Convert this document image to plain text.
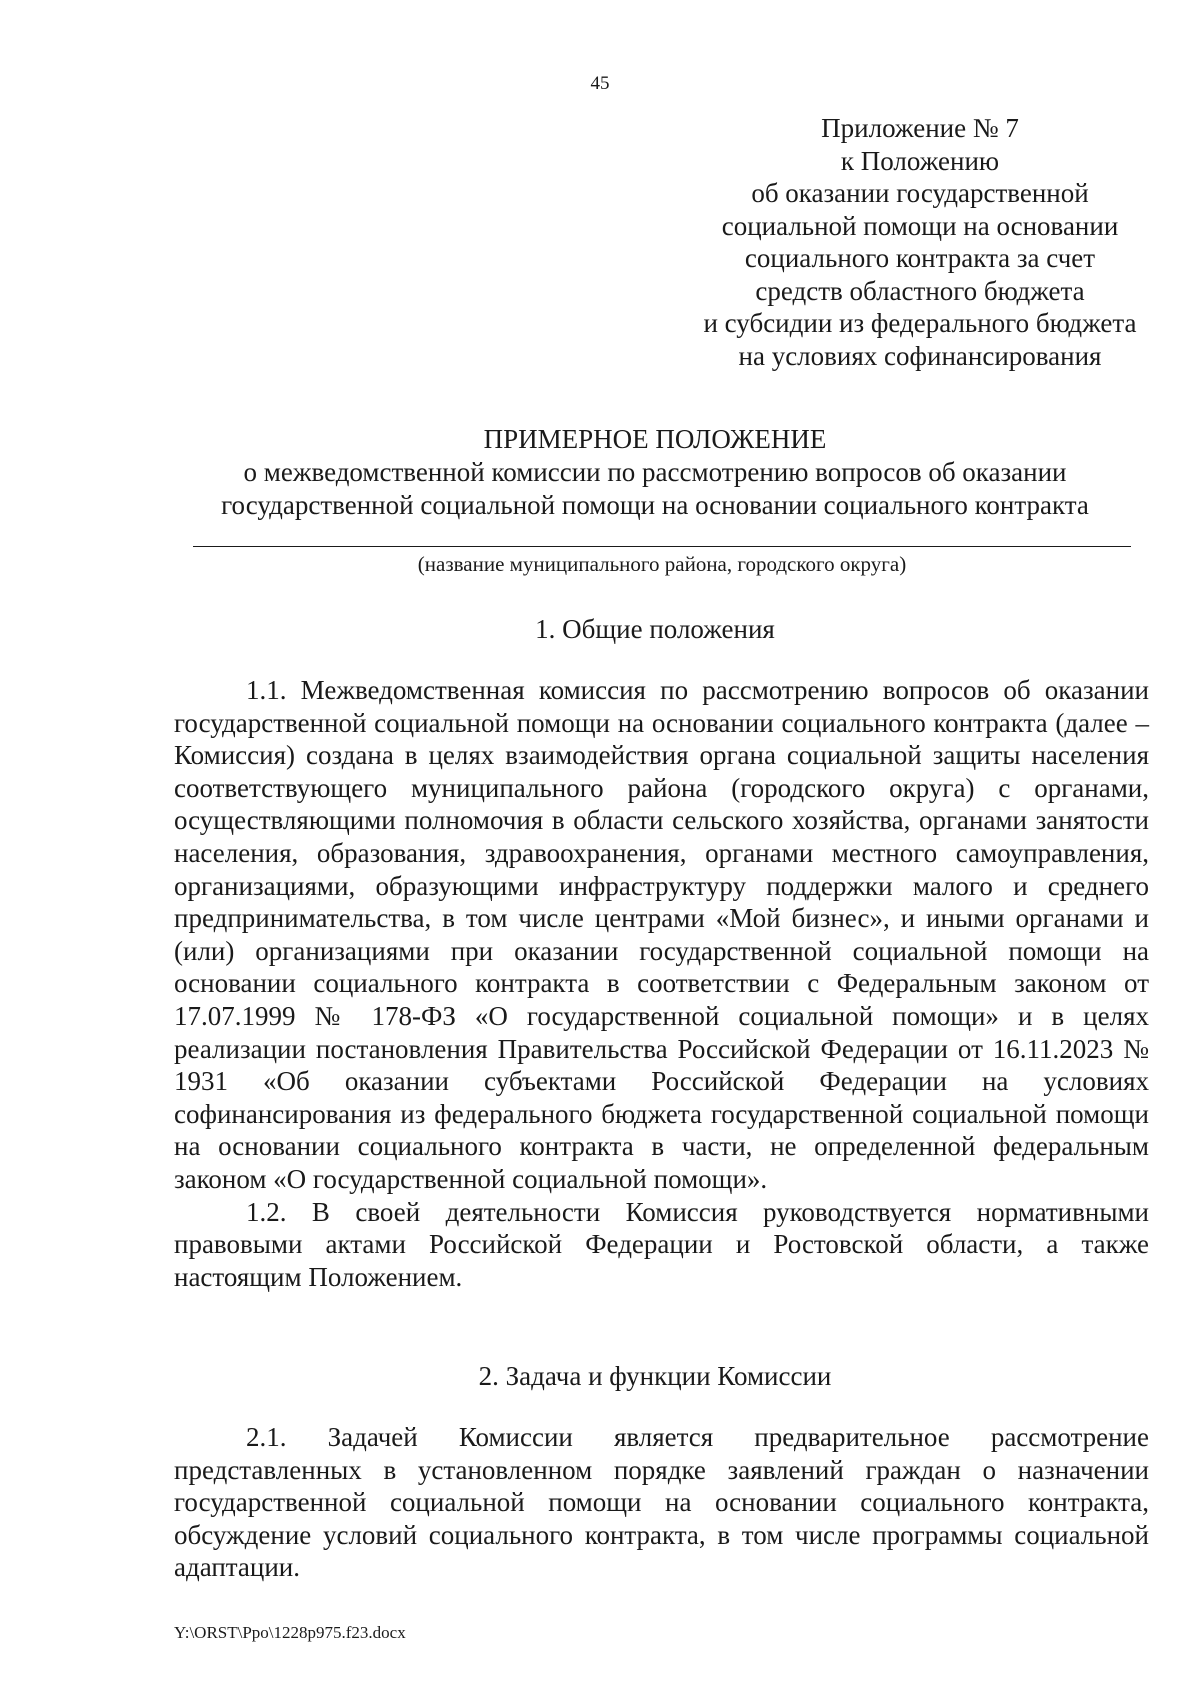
45
Приложение № 7
к Положению
об оказании государственной
социальной помощи на основании
социального контракта за счет
средств областного бюджета
и субсидии из федерального бюджета
на условиях софинансирования
ПРИМЕРНОЕ ПОЛОЖЕНИЕ
о межведомственной комиссии по рассмотрению вопросов об оказании
государственной социальной помощи на основании социального контракта
(название муниципального района, городского округа)
1. Общие положения

1.1. Межведомственная комиссия по рассмотрению вопросов об оказании государственной социальной помощи на основании социального контракта (далее – Комиссия) создана в целях взаимодействия органа социальной защиты населения соответствующего муниципального района (городского округа) с органами, осуществляющими полномочия в области сельского хозяйства, органами занятости населения, образования, здравоохранения, органами местного самоуправления, организациями, образующими инфраструктуру поддержки малого и среднего предпринимательства, в том числе центрами «Мой бизнес», и иными органами и (или) организациями при оказании государственной социальной помощи на основании социального контракта в соответствии с Федеральным законом от 17.07.1999 № 178-ФЗ «О государственной социальной помощи» и в целях реализации постановления Правительства Российской Федерации от 16.11.2023 № 1931 «Об оказании субъектами Российской Федерации на условиях софинансирования из федерального бюджета государственной социальной помощи на основании социального контракта в части, не определенной федеральным законом «О государственной социальной помощи».

1.2. В своей деятельности Комиссия руководствуется нормативными правовыми актами Российской Федерации и Ростовской области, а также настоящим Положением.

2. Задача и функции Комиссии

2.1. Задачей Комиссии является предварительное рассмотрение представленных в установленном порядке заявлений граждан о назначении государственной социальной помощи на основании социального контракта, обсуждение условий социального контракта, в том числе программы социальной адаптации.

Y:\ORST\Ppo\1228p975.f23.docx
